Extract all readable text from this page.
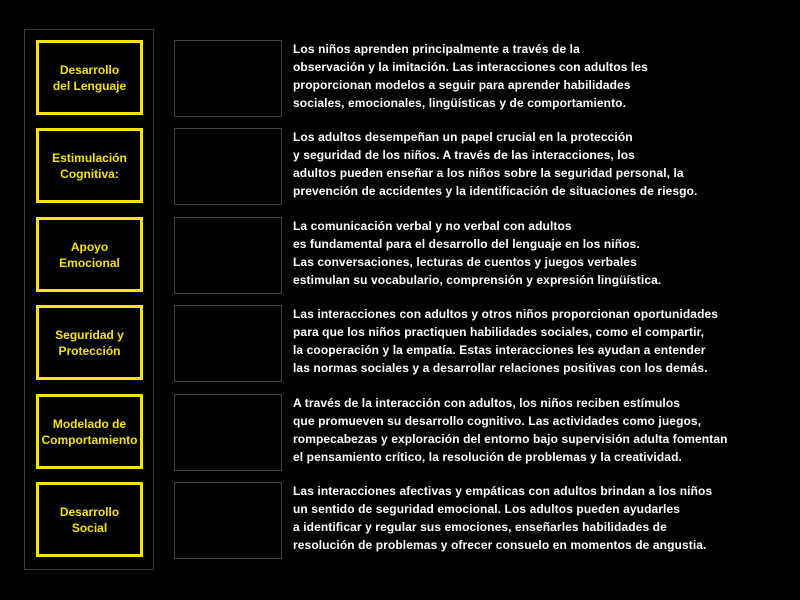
Desarrollo
del Lenguaje
Estimulación
Cognitiva:
Apoyo
Emocional
Seguridad y
Protección
Modelado de
Comportamiento
Desarrollo Social
Los niños aprenden principalmente a través de la
observación y la imitación. Las interacciones con adultos les
proporcionan modelos a seguir para aprender habilidades
sociales, emocionales, lingüísticas y de comportamiento.
Los adultos desempeñan un papel crucial en la protección
y seguridad de los niños. A través de las interacciones, los
adultos pueden enseñar a los niños sobre la seguridad personal, la
prevención de accidentes y la identificación de situaciones de riesgo.
La comunicación verbal y no verbal con adultos
es fundamental para el desarrollo del lenguaje en los niños.
Las conversaciones, lecturas de cuentos y juegos verbales
estimulan su vocabulario, comprensión y expresión lingüística.
Las interacciones con adultos y otros niños proporcionan oportunidades
para que los niños practiquen habilidades sociales, como el compartir,
la cooperación y la empatía. Estas interacciones les ayudan a entender
las normas sociales y a desarrollar relaciones positivas con los demás.
A través de la interacción con adultos, los niños reciben estímulos
que promueven su desarrollo cognitivo. Las actividades como juegos,
rompecabezas y exploración del entorno bajo supervisión adulta fomentan
el pensamiento crítico, la resolución de problemas y la creatividad.
Las interacciones afectivas y empáticas con adultos brindan a los niños
un sentido de seguridad emocional. Los adultos pueden ayudarles
a identificar y regular sus emociones, enseñarles habilidades de
resolución de problemas y ofrecer consuelo en momentos de angustia.
